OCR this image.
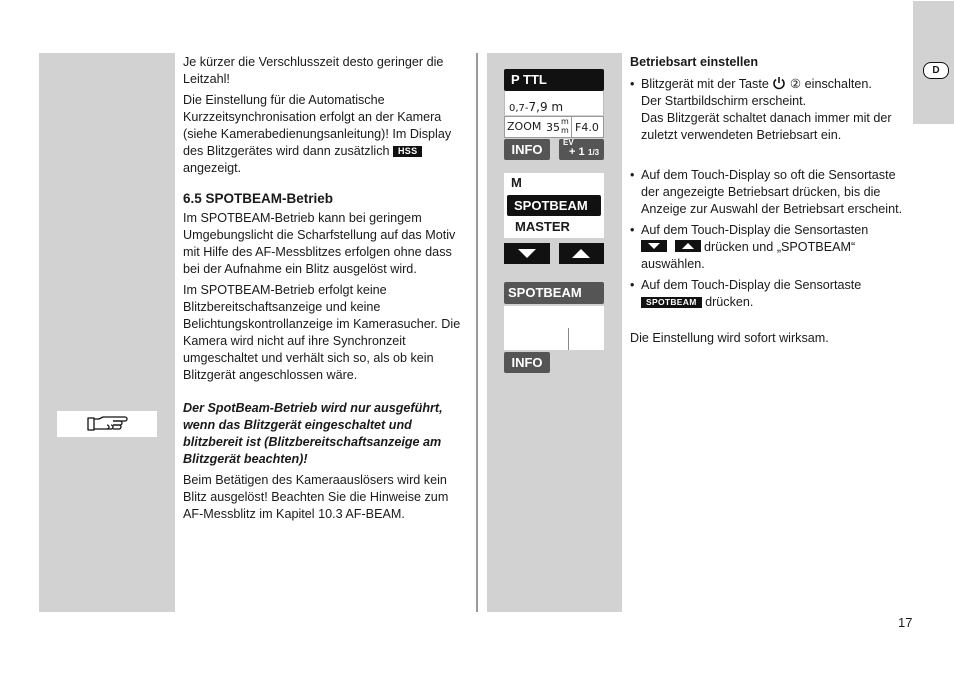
D

Je kürzer die Verschlusszeit desto geringer die Leitzahl!

Die Einstellung für die Automatische Kurzzeitsynchronisation erfolgt an der Kamera (siehe Kamerabedienungsanleitung)! Im Display des Blitzgerätes wird dann zusätzlich HSS angezeigt.

6.5 SPOTBEAM-Betrieb

Im SPOTBEAM-Betrieb kann bei geringem Umgebungslicht die Scharfstellung auf das Motiv mit Hilfe des AF-Messblitzes erfolgen ohne dass bei der Aufnahme ein Blitz ausgelöst wird.

Im SPOTBEAM-Betrieb erfolgt keine Blitzbereitschaftsanzeige und keine Belichtungskontrollanzeige im Kamerasucher. Die Kamera wird nicht auf ihre Synchronzeit umgeschaltet und verhält sich so, als ob kein Blitzgerät angeschlossen wäre.

Der SpotBeam-Betrieb wird nur ausgeführt, wenn das Blitzgerät eingeschaltet und blitzbereit ist (Blitzbereitschaftsanzeige am Blitzgerät beachten)!

Beim Betätigen des Kameraauslösers wird kein Blitz ausgelöst! Beachten Sie die Hinweise zum AF-Messblitz im Kapitel 10.3 AF-BEAM.

P TTL
0,7-7,9 m
ZOOM 35 m
m F4.0
INFO	EV
+ 1 1/3
M
SPOTBEAM
MASTER
SPOTBEAM
INFO
Betriebsart einstellen
• Blitzgerät mit der Taste ② einschalten.
Der Startbildschirm erscheint.
Das Blitzgerät schaltet danach immer mit der zuletzt verwendeten Betriebsart ein.
• Auf dem Touch-Display so oft die Sensortaste der angezeigte Betriebsart drücken, bis die Anzeige zur Auswahl der Betriebsart erscheint.
• Auf dem Touch-Display die Sensortasten
drücken und „SPOTBEAM“ auswählen.
• Auf dem Touch-Display die Sensortaste
SPOTBEAM drücken.

Die Einstellung wird sofort wirksam.

17
